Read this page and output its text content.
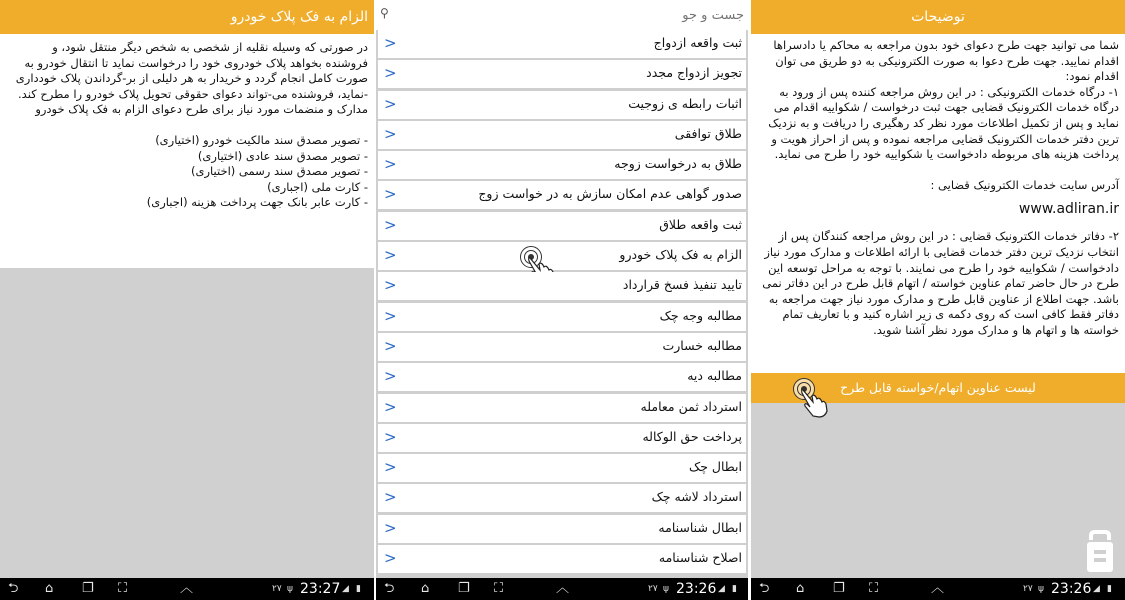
الزام به فک پلاک خودرو
در صورتی که وسیله نقلیه از شخصی به شخص دیگر منتقل شود، و فروشنده بخواهد پلاک خودروی خود را درخواست نماید تا انتقال خودرو به صورت کامل انجام گردد و خریدار به هر دلیلی از بر-گرداندن پلاک خودداری -نماید، فروشنده می-تواند دعوای حقوقی تحویل پلاک خودرو را مطرح کند.
مدارک و منضمات مورد نیاز برای طرح دعوای الزام به فک پلاک خودرو
- تصویر مصدق سند مالکیت خودرو (اختیاری)
- تصویر مصدق سند عادی (اختیاری)
- تصویر مصدق سند رسمی (اختیاری)
- کارت ملی (اجباری)
- کارت عابر بانک جهت پرداخت هزینه (اجباری)
⮌ ⌂ ❐ ⛶	︿	۲۷ ψ 23:27 ◢ ▮
جست و جو
⚲
ثبت واقعه ازدواج
<
تجویز ازدواج مجدد
<
اثبات رابطه ی زوجیت
<
طلاق توافقی
<
طلاق به درخواست زوجه
<
صدور گواهی عدم امکان سازش به در خواست زوج
<
ثبت واقعه طلاق
<
الزام به فک پلاک خودرو
<
تایید تنفیذ فسخ قرارداد
<
مطالبه وجه چک
<
مطالبه خسارت
<
مطالبه دیه
<
استرداد ثمن معامله
<
پرداخت حق الوکاله
<
ابطال چک
<
استرداد لاشه چک
<
ابطال شناسنامه
<
اصلاح شناسنامه
<
⮌ ⌂ ❐ ⛶	︿	۲۷ ψ 23:26 ◢ ▮
توضیحات
شما می توانید جهت طرح دعوای خود بدون مراجعه به محاکم یا دادسراها اقدام نمایید. جهت طرح دعوا به صورت الکترونیکی به دو طریق می توان اقدام نمود:
۱- درگاه خدمات الکترونیکی : در این روش مراجعه کننده پس از ورود به درگاه خدمات الکترونیک قضایی جهت ثبت درخواست / شکواییه اقدام می نماید و پس از تکمیل اطلاعات مورد نظر کد رهگیری را دریافت و به نزدیک ترین دفتر خدمات الکترونیک قضایی مراجعه نموده و پس از احراز هویت و پرداخت هزینه های مربوطه دادخواست یا شکواییه خود را طرح می نماید.
آدرس سایت خدمات الکترونیک قضایی :
www.adliran.ir
۲- دفاتر خدمات الکترونیک قضایی : در این روش مراجعه کنندگان پس از انتخاب نزدیک ترین دفتر خدمات قضایی با ارائه اطلاعات و مدارک مورد نیاز دادخواست / شکواییه خود را طرح می نمایند. با توجه به مراحل توسعه این طرح در حال حاضر تمام عناوین خواسته / اتهام قابل طرح در این دفاتر نمی باشد. جهت اطلاع از عناوین قابل طرح و مدارک مورد نیاز جهت مراجعه به دفاتر فقط کافی است که روی دکمه ی زیر اشاره کنید و با تعاریف تمام خواسته ها و اتهام ها و مدارک مورد نظر آشنا شوید.
لیست عناوین اتهام/خواسته قابل طرح
⮌ ⌂ ❐ ⛶	︿	۲۷ ψ 23:26 ◢ ▮
